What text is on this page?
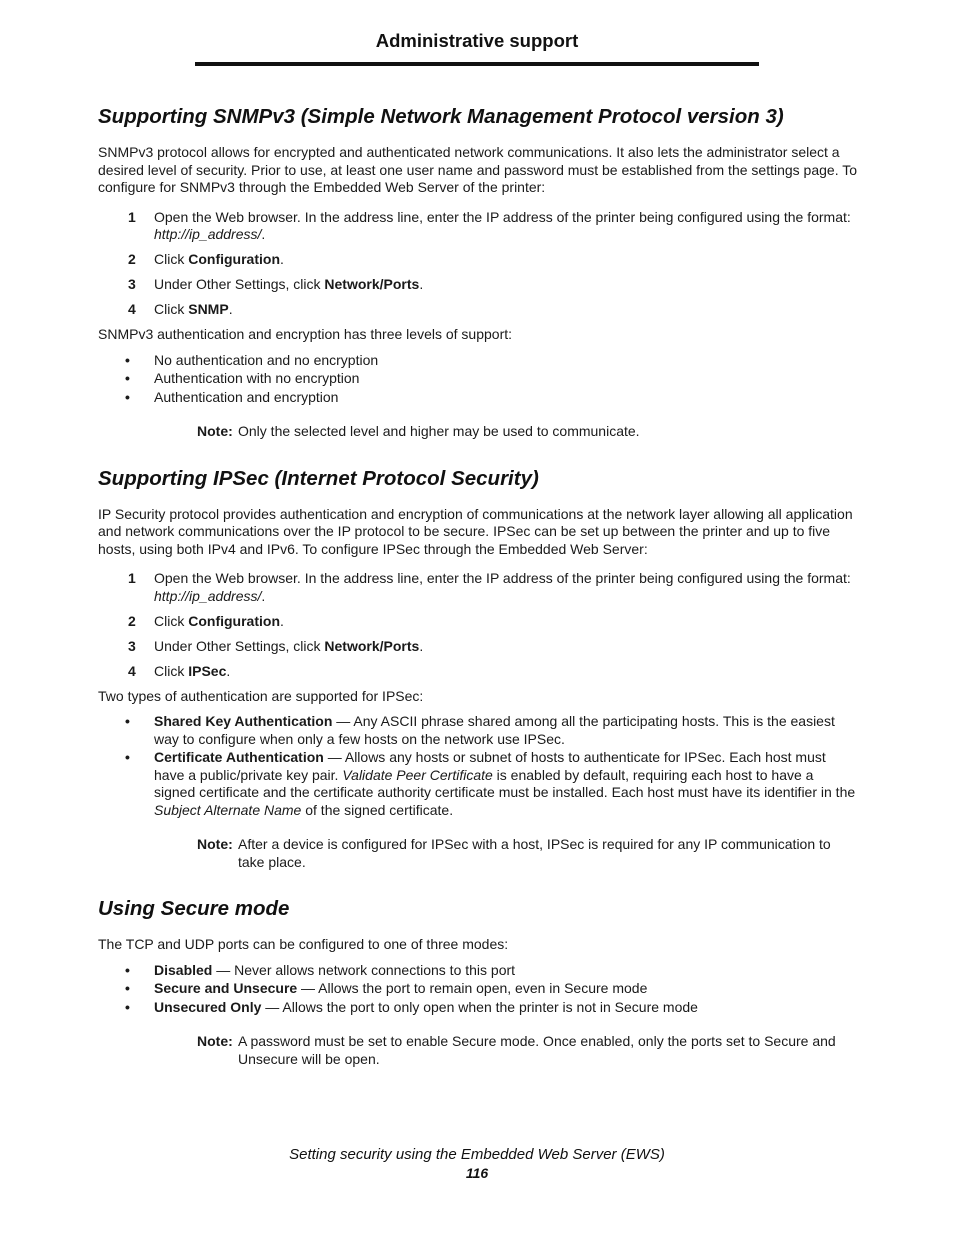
Administrative support
Supporting SNMPv3 (Simple Network Management Protocol version 3)

SNMPv3 protocol allows for encrypted and authenticated network communications. It also lets the administrator select a desired level of security. Prior to use, at least one user name and password must be established from the settings page. To configure for SNMPv3 through the Embedded Web Server of the printer:

1 Open the Web browser. In the address line, enter the IP address of the printer being configured using the format: http://ip_address/.
2 Click Configuration.
3 Under Other Settings, click Network/Ports.
4 Click SNMP.

SNMPv3 authentication and encryption has three levels of support:

• No authentication and no encryption
• Authentication with no encryption
• Authentication and encryption
Note: Only the selected level and higher may be used to communicate.
Supporting IPSec (Internet Protocol Security)

IP Security protocol provides authentication and encryption of communications at the network layer allowing all application and network communications over the IP protocol to be secure. IPSec can be set up between the printer and up to five hosts, using both IPv4 and IPv6. To configure IPSec through the Embedded Web Server:

1 Open the Web browser. In the address line, enter the IP address of the printer being configured using the format: http://ip_address/.
2 Click Configuration.
3 Under Other Settings, click Network/Ports.
4 Click IPSec.

Two types of authentication are supported for IPSec:

• Shared Key Authentication — Any ASCII phrase shared among all the participating hosts. This is the easiest way to configure when only a few hosts on the network use IPSec.
• Certificate Authentication — Allows any hosts or subnet of hosts to authenticate for IPSec. Each host must have a public/private key pair. Validate Peer Certificate is enabled by default, requiring each host to have a signed certificate and the certificate authority certificate must be installed. Each host must have its identifier in the Subject Alternate Name of the signed certificate.
Note: After a device is configured for IPSec with a host, IPSec is required for any IP communication to take place.
Using Secure mode

The TCP and UDP ports can be configured to one of three modes:

• Disabled — Never allows network connections to this port
• Secure and Unsecure — Allows the port to remain open, even in Secure mode
• Unsecured Only — Allows the port to only open when the printer is not in Secure mode
Note: A password must be set to enable Secure mode. Once enabled, only the ports set to Secure and Unsecure will be open.
Setting security using the Embedded Web Server (EWS)
116
